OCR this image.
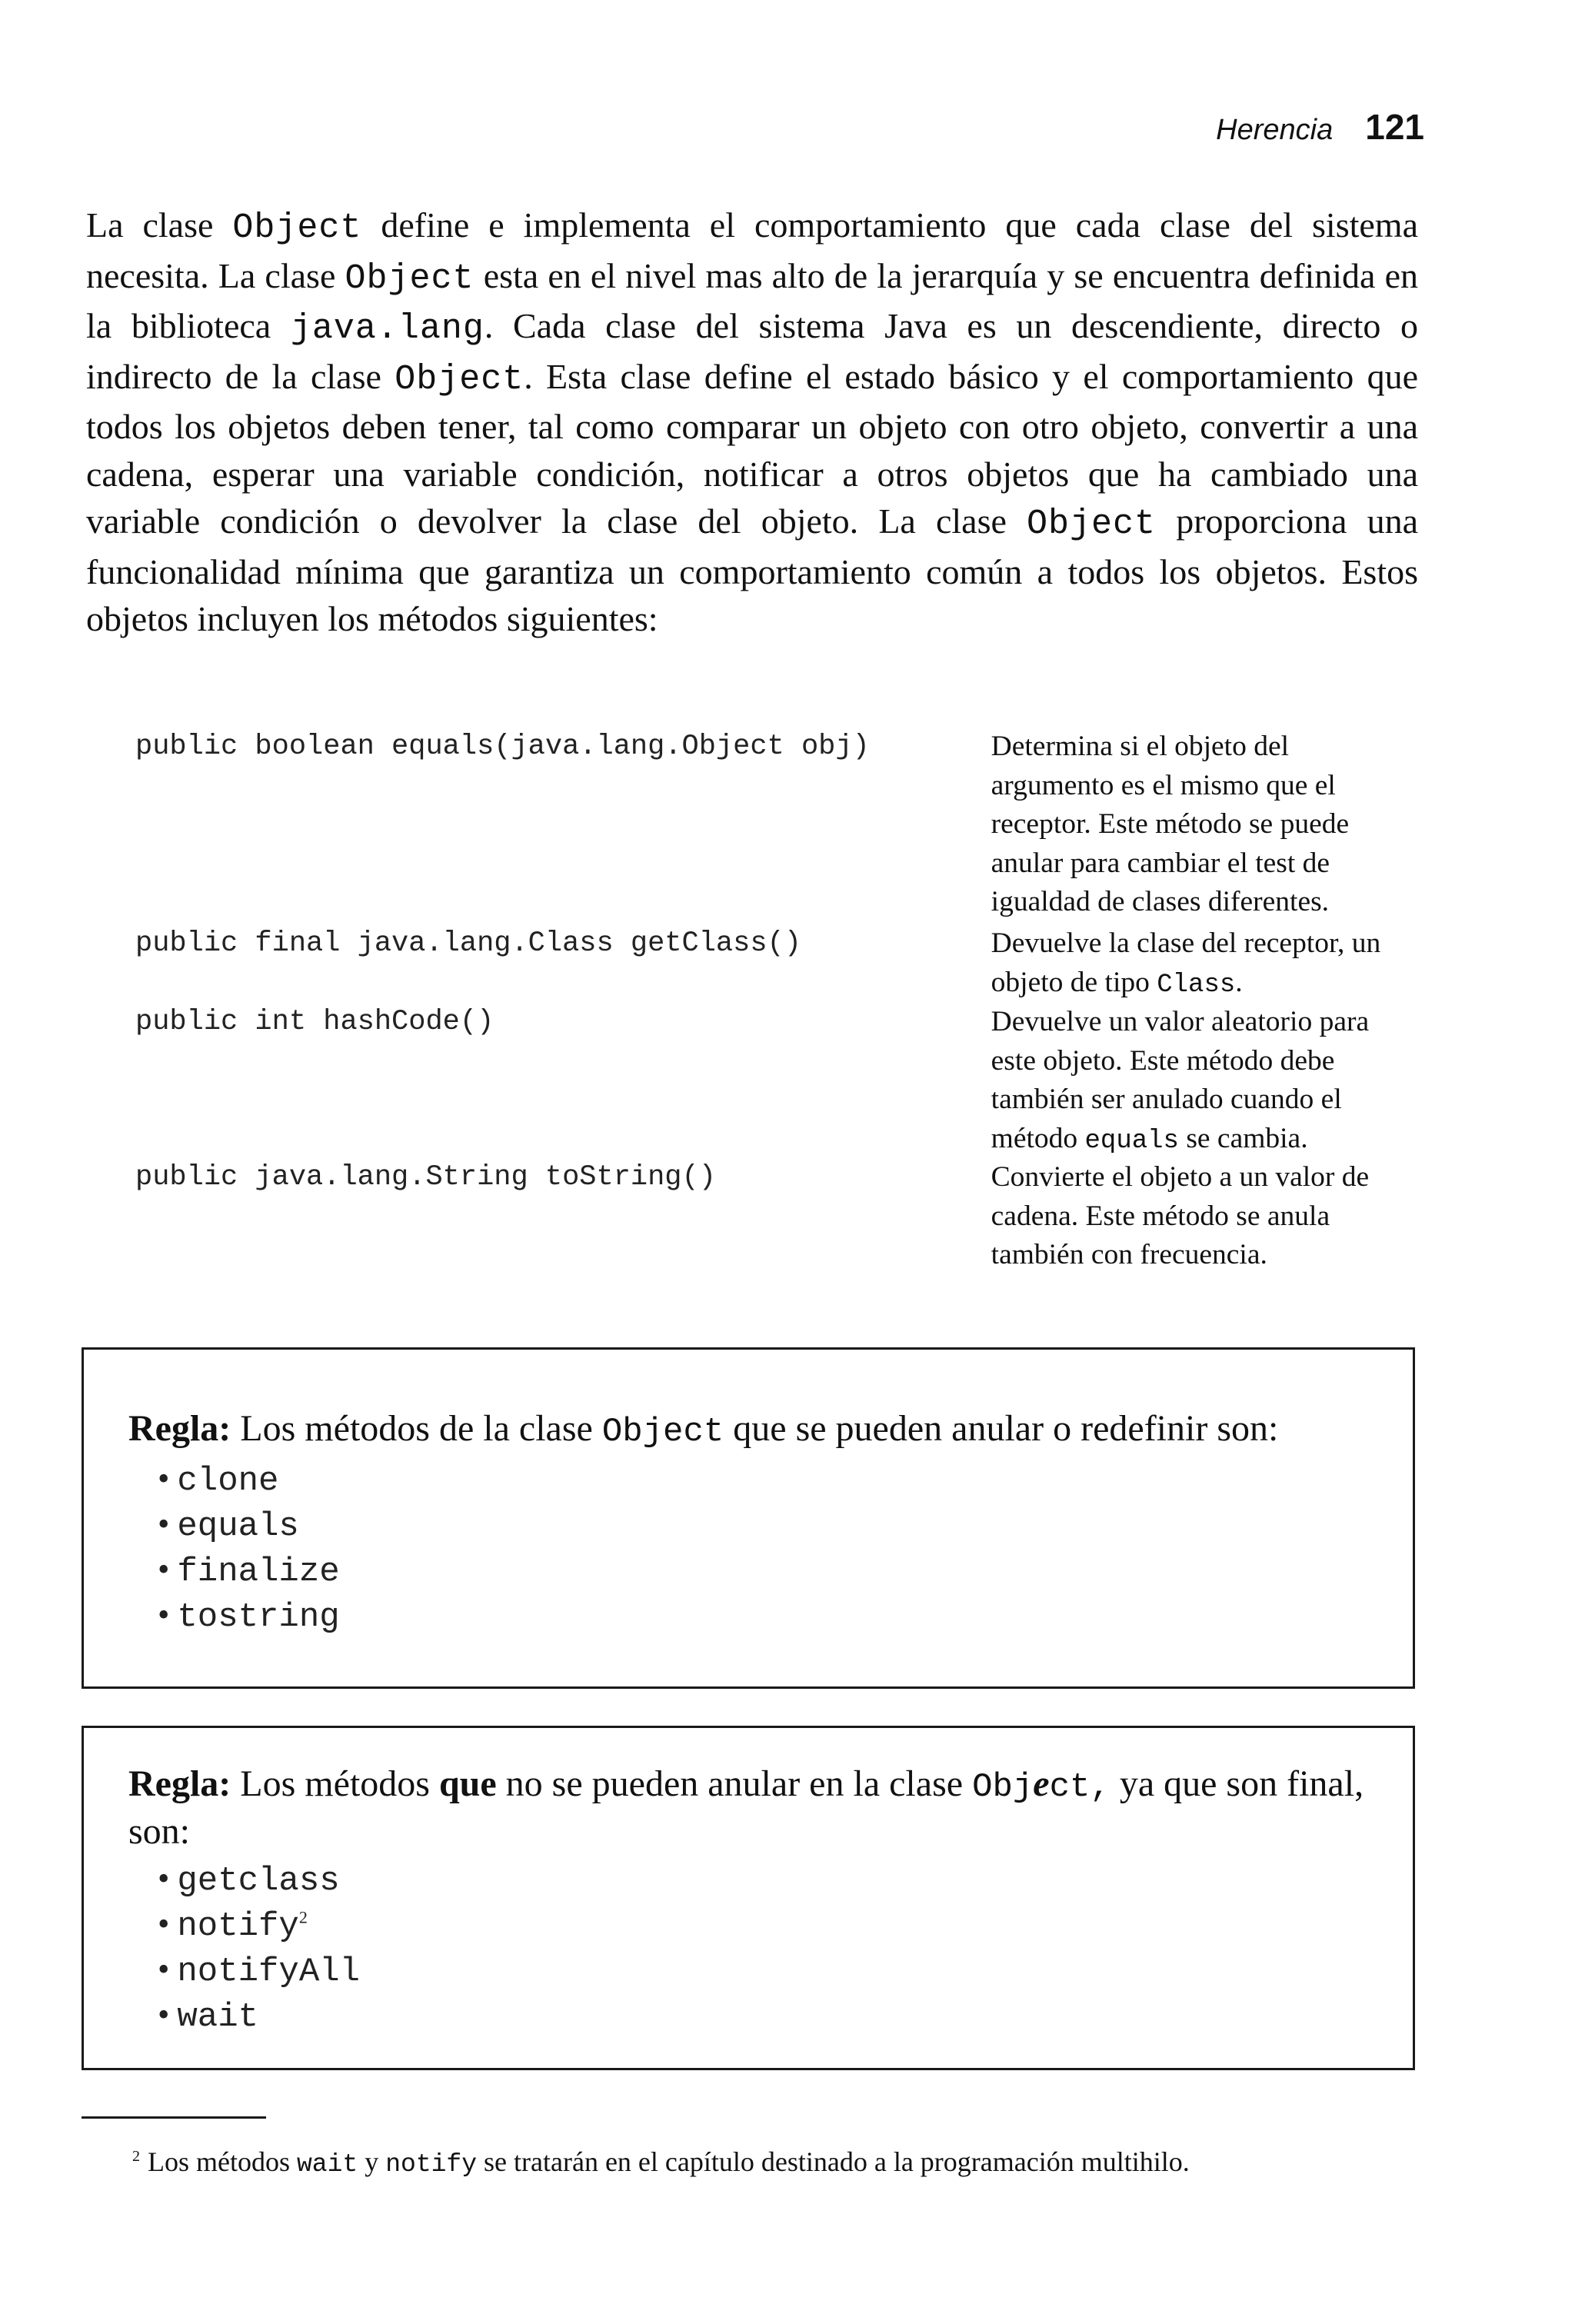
Herencia 121

La clase Object define e implementa el comportamiento que cada clase del sistema necesita. La clase Object esta en el nivel mas alto de la jerarquía y se encuentra definida en la biblioteca java.lang. Cada clase del sistema Java es un descendiente, directo o indirecto de la clase Object. Esta clase define el estado básico y el comportamiento que todos los objetos deben tener, tal como comparar un objeto con otro objeto, convertir a una cadena, esperar una variable condición, notificar a otros objetos que ha cambiado una variable condición o devolver la clase del objeto. La clase Object proporciona una funcionalidad mínima que garantiza un comportamiento común a todos los objetos. Estos objetos incluyen los métodos siguientes:

public boolean equals(java.lang.Object obj)	Determina si el objeto del argumento es el mismo que el receptor. Este método se puede anular para cambiar el test de igualdad de clases diferentes.
public final java.lang.Class getClass()	Devuelve la clase del receptor, un objeto de tipo Class.
public int hashCode()	Devuelve un valor aleatorio para este objeto. Este método debe también ser anulado cuando el método equals se cambia.
public java.lang.String toString()	Convierte el objeto a un valor de cadena. Este método se anula también con frecuencia.
Regla: Los métodos de la clase Object que se pueden anular o redefinir son:
• clone
• equals
• finalize
• tostring
Regla: Los métodos que no se pueden anular en la clase Object, ya que son final, son:
• getclass
• notify$^2$
• notifyAll
• wait
$^2$ Los métodos wait y notify se tratarán en el capítulo destinado a la programación multihilo.
